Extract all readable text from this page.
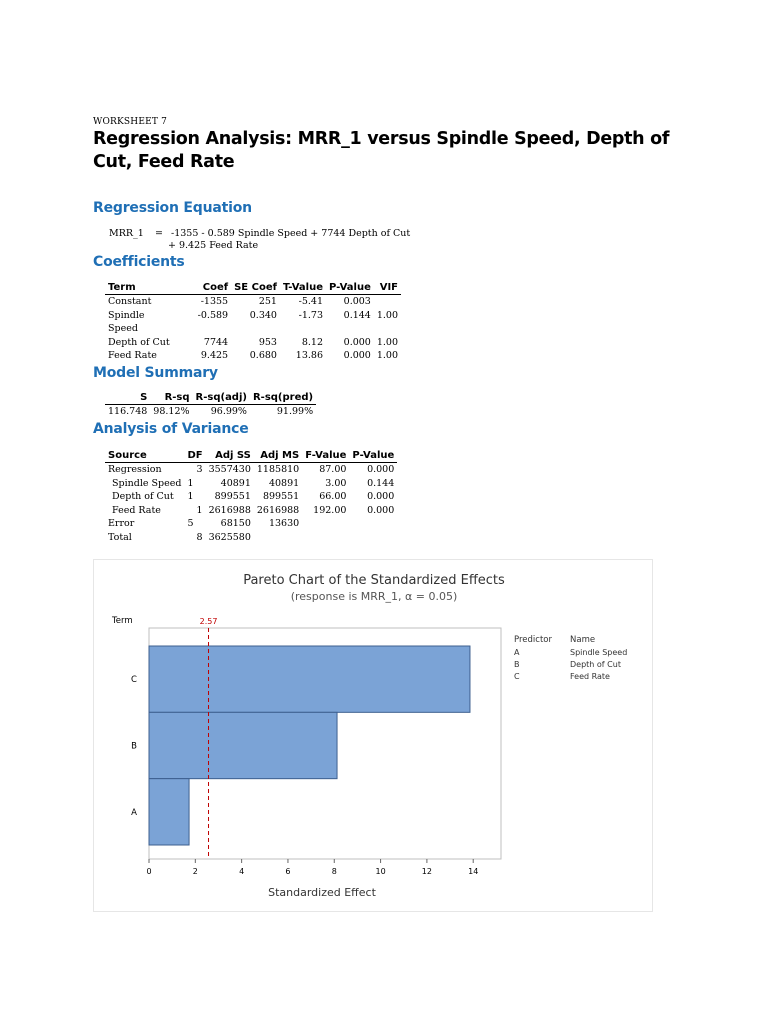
WORKSHEET 7
Regression Analysis: MRR_1 versus Spindle Speed, Depth of Cut, Feed Rate
Regression Equation
MRR_1 = -1355 - 0.589 Spindle Speed + 7744 Depth of Cut
+ 9.425 Feed Rate
Coefficients
Term	Coef	SE Coef	T-Value	P-Value	VIF
Constant	-1355	251	-5.41	0.003	
Spindle Speed	-0.589	0.340	-1.73	0.144	1.00
Depth of Cut	7744	953	8.12	0.000	1.00
Feed Rate	9.425	0.680	13.86	0.000	1.00
Model Summary
S	R-sq	R-sq(adj)	R-sq(pred)
116.748	98.12%	96.99%	91.99%
Analysis of Variance
Source	DF	Adj SS	Adj MS	F-Value	P-Value
Regression	3	3557430	1185810	87.00	0.000
Spindle Speed	1	40891	40891	3.00	0.144
Depth of Cut	1	899551	899551	66.00	0.000
Feed Rate	1	2616988	2616988	192.00	0.000
Error	5	68150	13630		
Total	8	3625580			
Pareto Chart of the Standardized Effects
(response is MRR_1, α = 0.05)
Term	2.57
0	2	4	6	8	10	12	14
C
B
A
Standardized Effect
Predictor Name
A	Spindle Speed
B	Depth of Cut
C	Feed Rate
